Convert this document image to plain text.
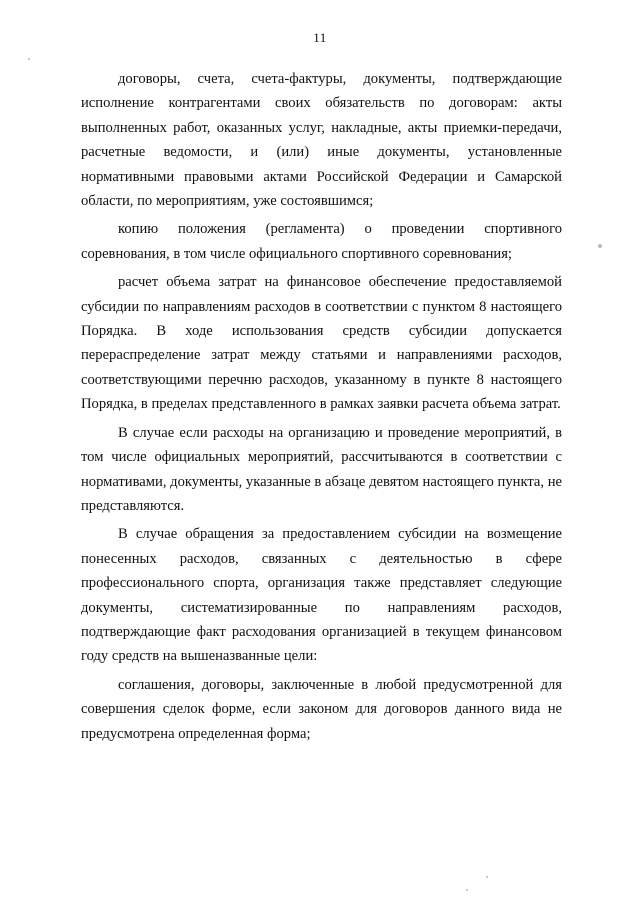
11

договоры, счета, счета-фактуры, документы, подтверждающие исполнение контрагентами своих обязательств по договорам: акты выполненных работ, оказанных услуг, накладные, акты приемки-передачи, расчетные ведомости, и (или) иные документы, установленные нормативными правовыми актами Российской Федерации и Самарской области, по мероприятиям, уже состоявшимся;

копию положения (регламента) о проведении спортивного соревнования, в том числе официального спортивного соревнования;

расчет объема затрат на финансовое обеспечение предоставляемой субсидии по направлениям расходов в соответствии с пунктом 8 настоящего Порядка. В ходе использования средств субсидии допускается перераспределение затрат между статьями и направлениями расходов, соответствующими перечню расходов, указанному в пункте 8 настоящего Порядка, в пределах представленного в рамках заявки расчета объема затрат.

В случае если расходы на организацию и проведение мероприятий, в том числе официальных мероприятий, рассчитываются в соответствии с нормативами, документы, указанные в абзаце девятом настоящего пункта, не представляются.

В случае обращения за предоставлением субсидии на возмещение понесенных расходов, связанных с деятельностью в сфере профессионального спорта, организация также представляет следующие документы, систематизированные по направлениям расходов, подтверждающие факт расходования организацией в текущем финансовом году средств на вышеназванные цели:

соглашения, договоры, заключенные в любой предусмотренной для совершения сделок форме, если законом для договоров данного вида не предусмотрена определенная форма;
